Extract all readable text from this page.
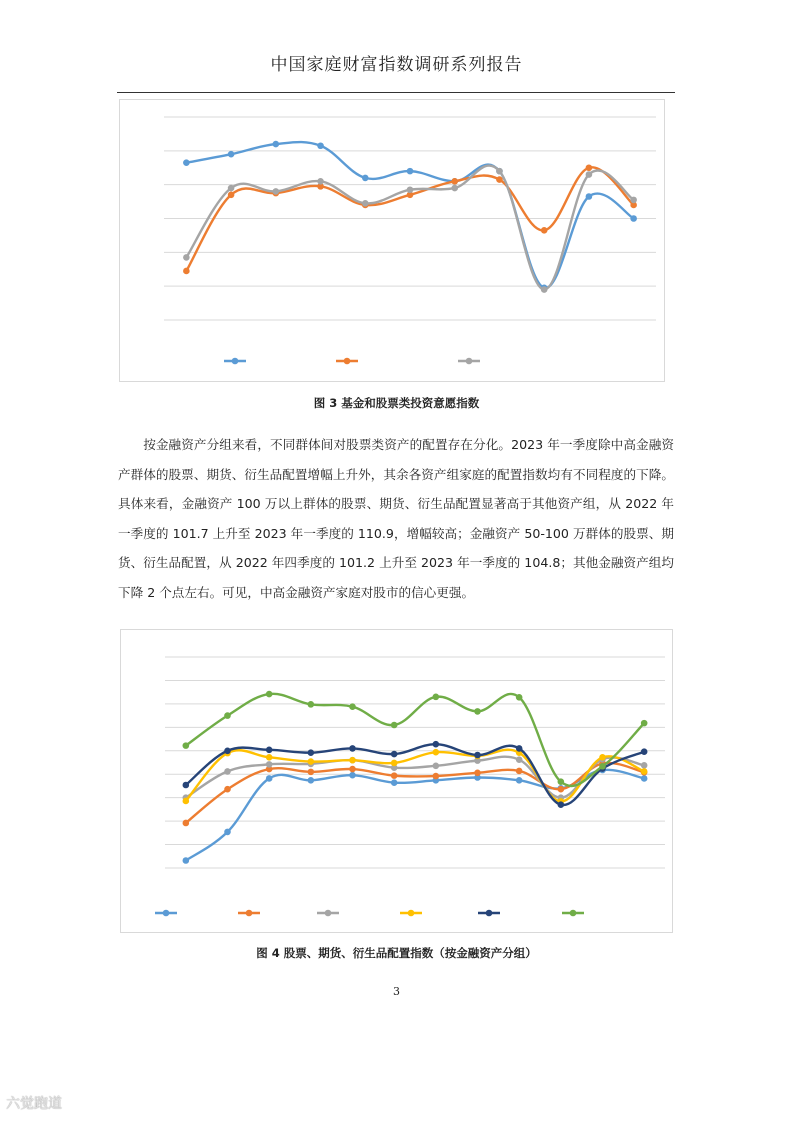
中国家庭财富指数调研系列报告
图 3 基金和股票类投资意愿指数

按金融资产分组来看，不同群体间对股票类资产的配置存在分化。2023 年一季度除中高金融资产群体的股票、期货、衍生品配置增幅上升外，其余各资产组家庭的配置指数均有不同程度的下降。具体来看，金融资产 100 万以上群体的股票、期货、衍生品配置显著高于其他资产组，从 2022 年一季度的 101.7 上升至 2023 年一季度的 110.9，增幅较高；金融资产 50-100 万群体的股票、期货、衍生品配置，从 2022 年四季度的 101.2 上升至 2023 年一季度的 104.8；其他金融资产组均下降 2 个点左右。可见，中高金融资产家庭对股市的信心更强。

图 4 股票、期货、衍生品配置指数（按金融资产分组）
3
六觉跑道
